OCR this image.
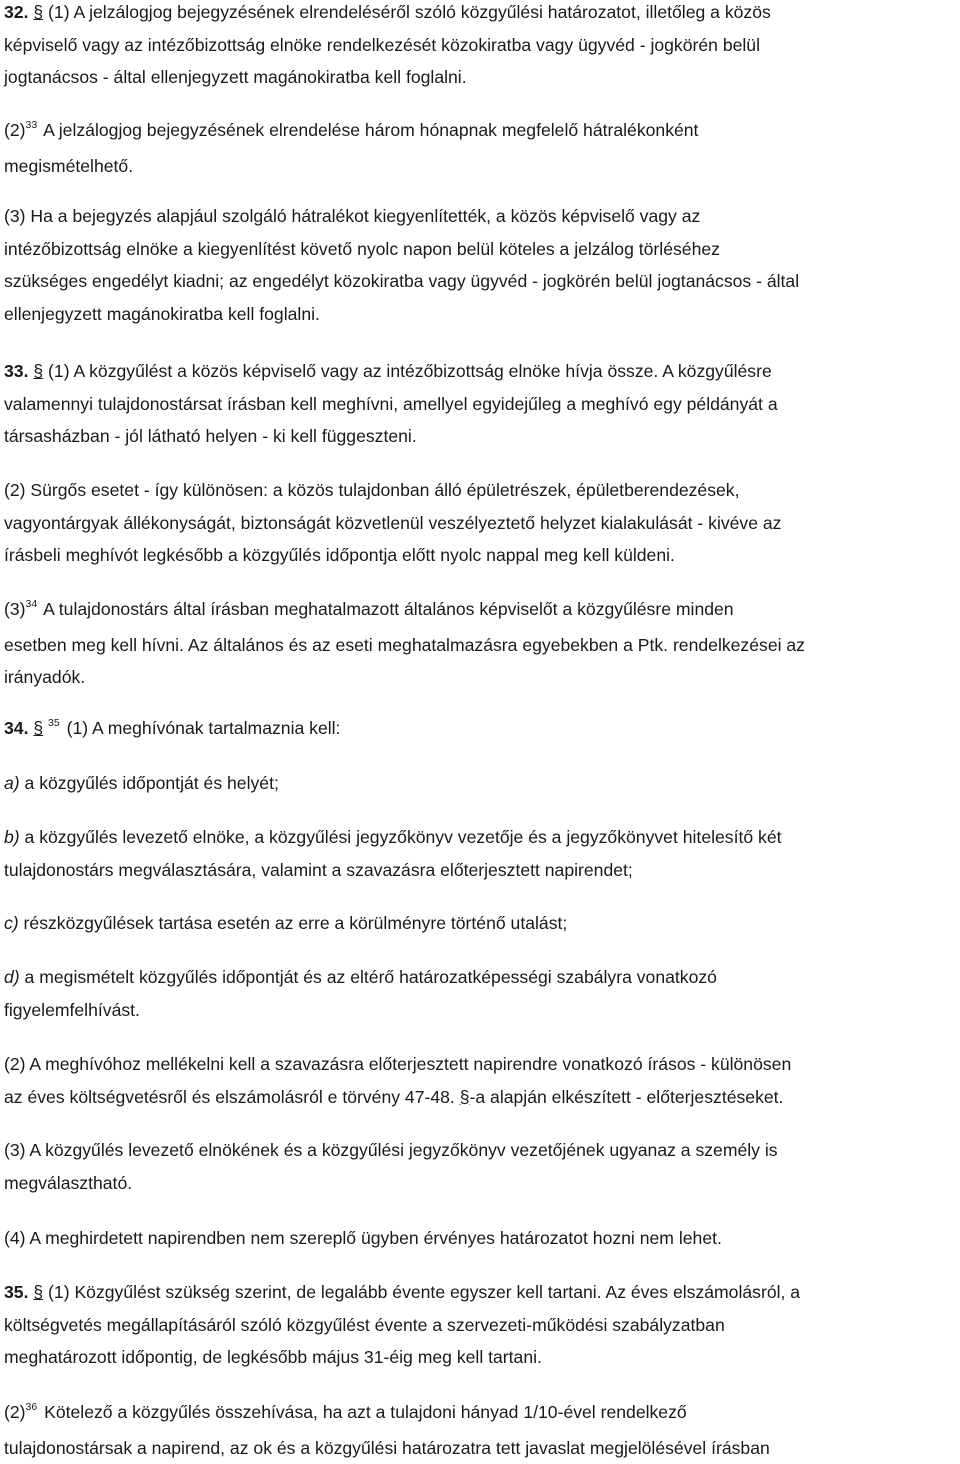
32. § (1) A jelzálogjog bejegyzésének elrendeléséről szóló közgyűlési határozatot, illetőleg a közös
képviselő vagy az intézőbizottság elnöke rendelkezését közokiratba vagy ügyvéd - jogkörén belül
jogtanácsos - által ellenjegyzett magánokiratba kell foglalni.
$(2)^{33}$ A jelzálogjog bejegyzésének elrendelése három hónapnak megfelelő hátralékonként
megismételhető.
(3) Ha a bejegyzés alapjául szolgáló hátralékot kiegyenlítették, a közös képviselő vagy az
intézőbizottság elnöke a kiegyenlítést követő nyolc napon belül köteles a jelzálog törléséhez
szükséges engedélyt kiadni; az engedélyt közokiratba vagy ügyvéd - jogkörén belül jogtanácsos - által
ellenjegyzett magánokiratba kell foglalni.
33. § (1) A közgyűlést a közös képviselő vagy az intézőbizottság elnöke hívja össze. A közgyűlésre
valamennyi tulajdonostársat írásban kell meghívni, amellyel egyidejűleg a meghívó egy példányát a
társasházban - jól látható helyen - ki kell függeszteni.
(2) Sürgős esetet - így különösen: a közös tulajdonban álló épületrészek, épületberendezések,
vagyontárgyak állékonyságát, biztonságát közvetlenül veszélyeztető helyzet kialakulását - kivéve az
írásbeli meghívót legkésőbb a közgyűlés időpontja előtt nyolc nappal meg kell küldeni.
$(3)^{34}$ A tulajdonostárs által írásban meghatalmazott általános képviselőt a közgyűlésre minden
esetben meg kell hívni. Az általános és az eseti meghatalmazásra egyebekben a Ptk. rendelkezései az
irányadók.
34. § $^{35}$ (1) A meghívónak tartalmaznia kell:
a) a közgyűlés időpontját és helyét;
b) a közgyűlés levezető elnöke, a közgyűlési jegyzőkönyv vezetője és a jegyzőkönyvet hitelesítő két
tulajdonostárs megválasztására, valamint a szavazásra előterjesztett napirendet;
c) részközgyűlések tartása esetén az erre a körülményre történő utalást;
d) a megismételt közgyűlés időpontját és az eltérő határozatképességi szabályra vonatkozó
figyelemfelhívást.
(2) A meghívóhoz mellékelni kell a szavazásra előterjesztett napirendre vonatkozó írásos - különösen
az éves költségvetésről és elszámolásról e törvény 47-48. §-a alapján elkészített - előterjesztéseket.
(3) A közgyűlés levezető elnökének és a közgyűlési jegyzőkönyv vezetőjének ugyanaz a személy is
megválasztható.
(4) A meghirdetett napirendben nem szereplő ügyben érvényes határozatot hozni nem lehet.
35. § (1) Közgyűlést szükség szerint, de legalább évente egyszer kell tartani. Az éves elszámolásról, a
költségvetés megállapításáról szóló közgyűlést évente a szervezeti-működési szabályzatban
meghatározott időpontig, de legkésőbb május 31-éig meg kell tartani.
$(2)^{36}$ Kötelező a közgyűlés összehívása, ha azt a tulajdoni hányad 1/10-ével rendelkező
tulajdonostársak a napirend, az ok és a közgyűlési határozatra tett javaslat megjelölésével írásban
